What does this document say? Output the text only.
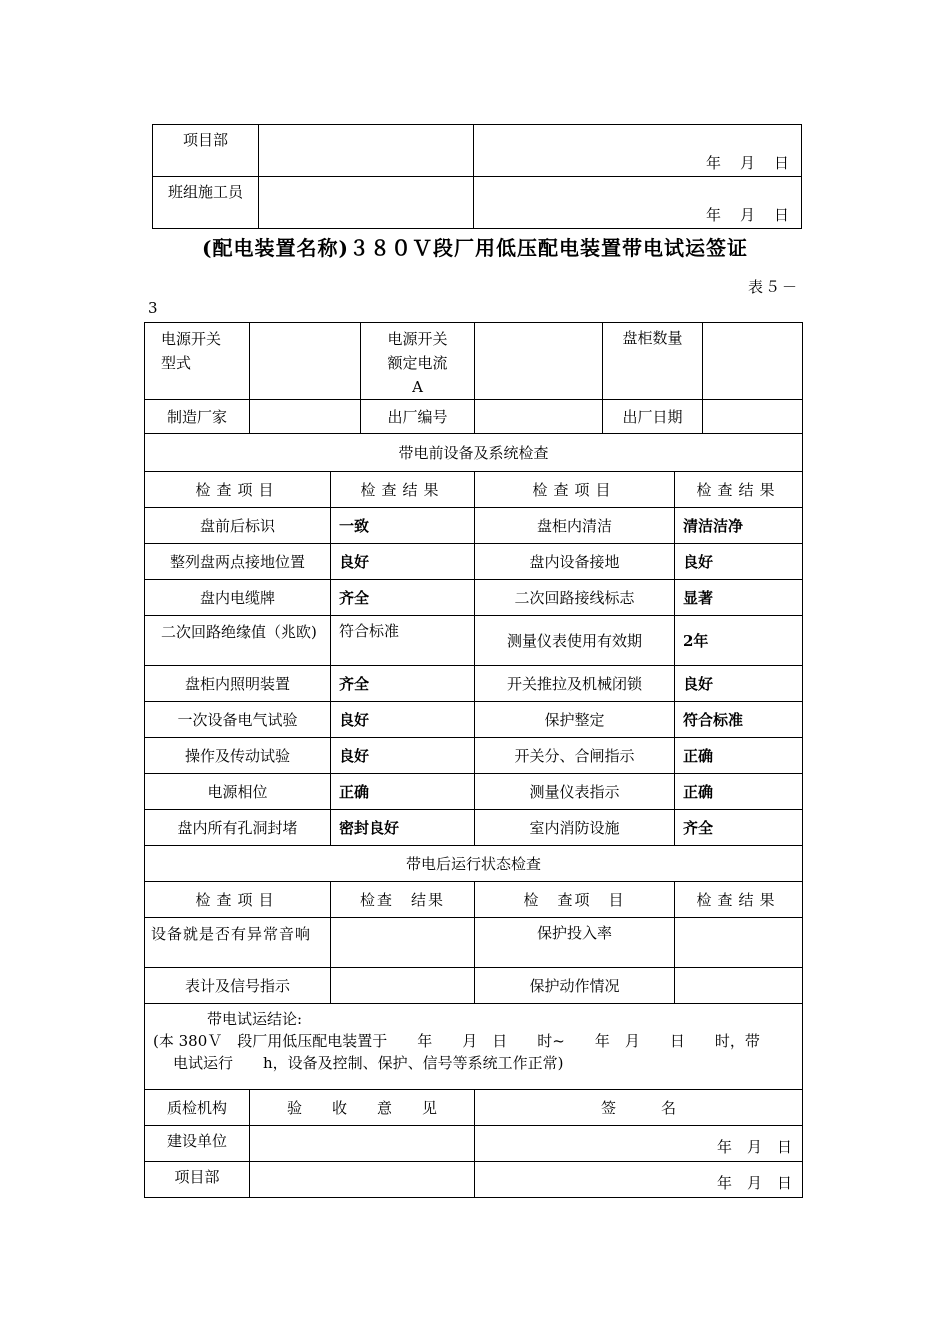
项目部		年　月　日
班组施工员		年　月　日
(配电装置名称)３８０Ｖ段厂用低压配电装置带电试运签证
表５－
3
电源开关型式			电源开关额定电流A		盘柜数量		
制造厂家			出厂编号		出厂日期		
带电前设备及系统检查							
检查项目		检查结果		检查项目		检查结果	
盘前后标识		一致		盘柜内清洁		清洁洁净	
整列盘两点接地位置		良好		盘内设备接地		良好	
盘内电缆牌		齐全		二次回路接线标志		显著	
二次回路绝缘值（兆欧)		符合标准		测量仪表使用有效期		2年	
盘柜内照明装置		齐全		开关推拉及机械闭锁		良好	
一次设备电气试验		良好		保护整定		符合标准	
操作及传动试验		良好		开关分、合闸指示		正确	
电源相位		正确		测量仪表指示		正确	
盘内所有孔洞封堵		密封良好		室内消防设施		齐全	
带电后运行状态检查							
检查项目		检查　结果		检　查项　目		检查结果	
设备就是否有异常音响				保护投入率			
表计及信号指示				保护动作情况			

带电试运结论:
(本 380Ｖ　段厂用低压配电装置于　　年　　月　日　　时~　　年　月　　日　　时，带
电试运行　　h，设备及控制、保护、信号等系统工作正常)							

质检机构	验　　收　　意　　见			签　　　名			
建设单位				年　月　日			
项目部				年　月　日			
